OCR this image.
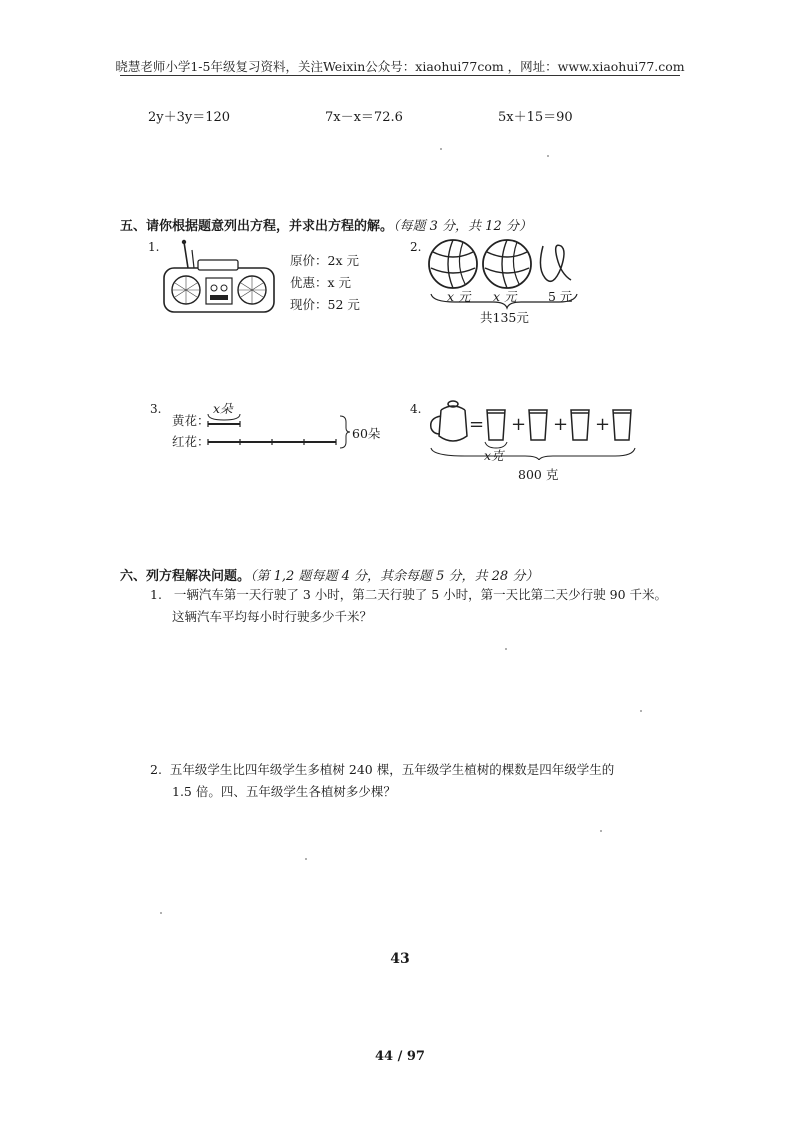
晓慧老师小学1-5年级复习资料，关注Weixin公众号：xiaohui77com ，网址：www.xiaohui77.com
2y＋3y＝120	7x－x＝72.6	5x＋15＝90
五、请你根据题意列出方程，并求出方程的解。（每题 3 分，共 12 分）
1.
原价：2x 元
优惠：x 元
现价：52 元
2.
x 元 x 元	5 元
共135元
3.
黄花：
红花：
x朵
60朵
4.
= + + +
x克
800 克
六、列方程解决问题。（第 1,2 题每题 4 分，其余每题 5 分，共 28 分）
1. 一辆汽车第一天行驶了 3 小时，第二天行驶了 5 小时，第一天比第二天少行驶 90 千米。
这辆汽车平均每小时行驶多少千米？
2. 五年级学生比四年级学生多植树 240 棵，五年级学生植树的棵数是四年级学生的
1.5 倍。四、五年级学生各植树多少棵？
43
44 / 97
